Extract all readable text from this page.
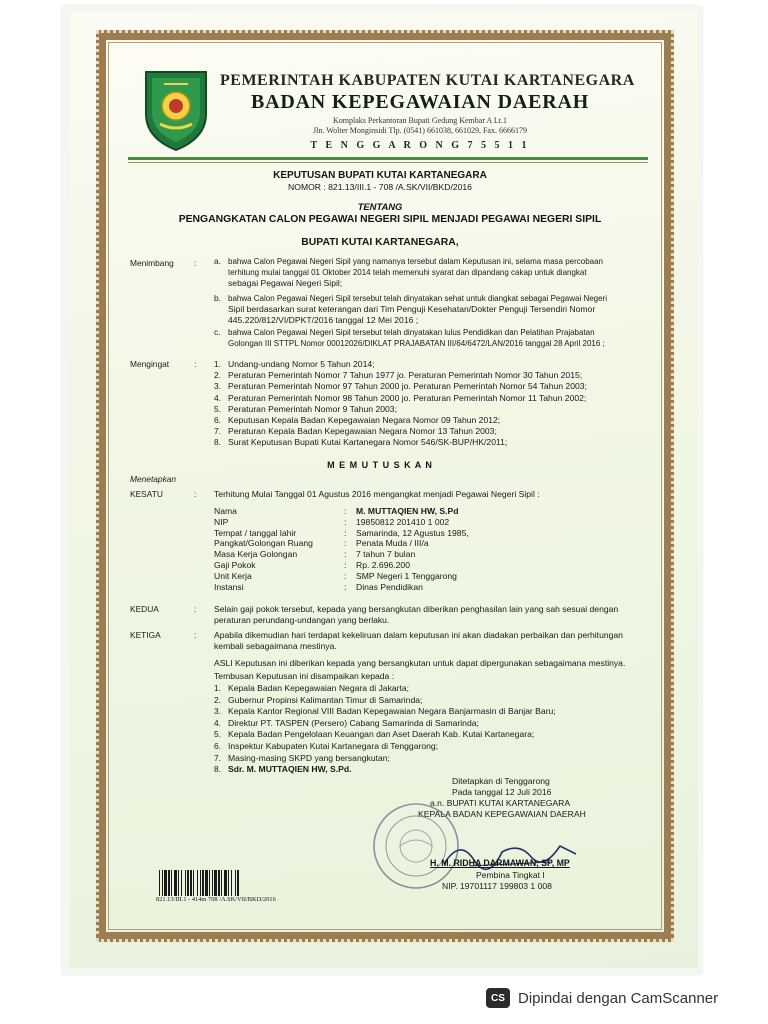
PEMERINTAH KABUPATEN KUTAI KARTANEGARA
BADAN KEPEGAWAIAN DAERAH
Komplaks Perkantoran Bupati Gedung Kembar A Lt.1
Jln. Wolter Monginsidi Tlp. (0541) 661038, 661029, Fax. 6666179
T E N G G A R O N G 7 5 5 1 1
KEPUTUSAN BUPATI KUTAI KARTANEGARA
NOMOR : 821.13/III.1 - 708 /A.SK/VII/BKD/2016
TENTANG
PENGANGKATAN CALON PEGAWAI NEGERI SIPIL MENJADI PEGAWAI NEGERI SIPIL
BUPATI KUTAI KARTANEGARA,
Menimbang : a. bahwa Calon Pegawai Negeri Sipil yang namanya tersebut dalam Keputusan ini, selama masa percobaan
terhitung mulai tanggal 01 Oktober 2014 telah memenuhi syarat dan dipandang cakap untuk diangkat
sebagai Pegawai Negeri Sipil;
b. bahwa Calon Pegawai Negeri Sipil tersebut telah dinyatakan sehat untuk diangkat sebagai Pegawai Negeri
Sipil berdasarkan surat keterangan dari Tim Penguji Kesehatan/Dokter Penguji Tersendiri Nomor
445.220/812/VI/DPKT/2016 tanggal 12 Mei 2016 ;
c. bahwa Calon Pegawai Negeri Sipil tersebut telah dinyatakan lulus Pendidikan dan Pelatihan Prajabatan
Golongan III STTPL Nomor 00012026/DIKLAT PRAJABATAN III/64/6472/LAN/2016 tanggal 28 April 2016 ;
Mengingat	: 1. Undang-undang Nomor 5 Tahun 2014;
2. Peraturan Pemerintah Nomor 7 Tahun 1977 jo. Peraturan Pemerintah Nomor 30 Tahun 2015;
3. Peraturan Pemerintah Nomor 97 Tahun 2000 jo. Peraturan Pemerintah Nomor 54 Tahun 2003;
4. Peraturan Pemerintah Nomor 98 Tahun 2000 jo. Peraturan Pemerintah Nomor 11 Tahun 2002;
5. Peraturan Pemerintah Nomor 9 Tahun 2003;
6. Keputusan Kepala Badan Kepegawaian Negara Nomor 09 Tahun 2012;
7. Peraturan Kepala Badan Kepegawaian Negara Nomor 13 Tahun 2003;
8. Surat Keputusan Bupati Kutai Kartanegara Nomor 546/SK-BUP/HK/2011;
M E M U T U S K A N
Menetapkan
KESATU	: Terhitung Mulai Tanggal 01 Agustus 2016 mengangkat menjadi Pegawai Negeri Sipil :
Nama	: M. MUTTAQIEN HW, S.Pd
NIP	: 19850812 201410 1 002
Tempat / tanggal lahir	: Samarinda, 12 Agustus 1985,
Pangkat/Golongan Ruang	: Penata Muda / III/a
Masa Kerja Golongan	: 7 tahun 7 bulan
Gaji Pokok	: Rp. 2.696.200
Unit Kerja	: SMP Negeri 1 Tenggarong
Instansi	: Dinas Pendidikan
KEDUA	: Selain gaji pokok tersebut, kepada yang bersangkutan diberikan penghasilan lain yang sah sesuai dengan
peraturan perundang-undangan yang berlaku.
KETIGA	: Apabila dikemudian hari terdapat kekeliruan dalam keputusan ini akan diadakan perbaikan dan perhitungan
kembali sebagaimana mestinya.
ASLI Keputusan ini diberikan kepada yang bersangkutan untuk dapat dipergunakan sebagaimana mestinya.
Tembusan Keputusan ini disampaikan kepada :
1. Kepala Badan Kepegawaian Negara di Jakarta;
2. Gubernur Propinsi Kalimantan Timur di Samarinda;
3. Kepala Kantor Regional VIII Badan Kepegawaian Negara Banjarmasin di Banjar Baru;
4. Direktur PT. TASPEN (Persero) Cabang Samarinda di Samarinda;
5. Kepala Badan Pengelolaan Keuangan dan Aset Daerah Kab. Kutai Kartanegara;
6. Inspektur Kabupaten Kutai Kartanegara di Tenggarong;
7. Masing-masing SKPD yang bersangkutan;
8. Sdr. M. MUTTAQIEN HW, S.Pd.
Ditetapkan di Tenggarong
Pada tanggal 12 Juli 2016
a.n. BUPATI KUTAI KARTANEGARA
KEPALA BADAN KEPEGAWAIAN DAERAH
H. M. RIDHA DARMAWAN, SP, MP
Pembina Tingkat I
NIP. 19701117 199803 1 008
821.13/III.1 - 414m 708 /A.SK/VII/BKD/2016
CS Dipindai dengan CamScanner
